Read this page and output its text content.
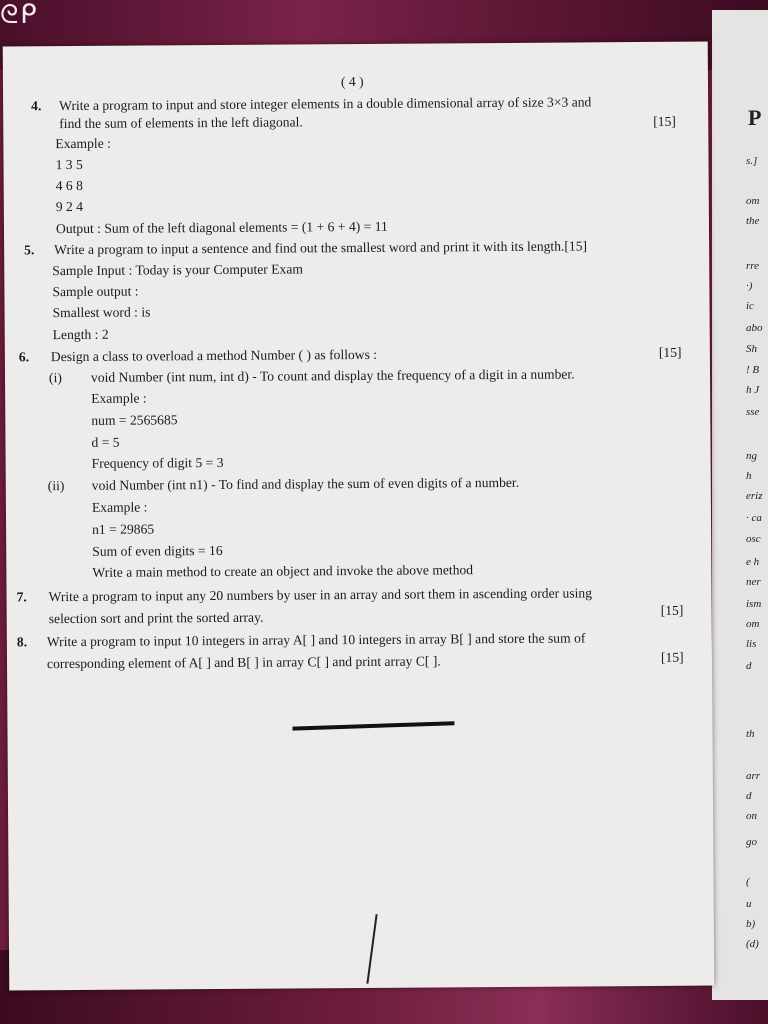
ᘓᑭ
P
s.]
om
the
rre
·)
ic
abo
Sh
! B
h J
sse
ng
h
eriz
· ca
osc
e h
ner
ism
om
lis
d
th
arr
d
on
go
(
u
b)
(d)
( 4 )
4. Write a program to input and store integer elements in a double dimensional array of size 3×3 and
find the sum of elements in the left diagonal.	[15]
Example :
1 3 5
4 6 8
9 2 4
Output : Sum of the left diagonal elements = (1 + 6 + 4) = 11
5. Write a program to input a sentence and find out the smallest word and print it with its length.[15]
Sample Input : Today is your Computer Exam
Sample output :
Smallest word : is
Length : 2
6. Design a class to overload a method Number ( ) as follows :	[15]
(i) void Number (int num, int d) - To count and display the frequency of a digit in a number.
Example :
num = 2565685
d = 5
Frequency of digit 5 = 3
(ii) void Number (int n1) - To find and display the sum of even digits of a number.
Example :
n1 = 29865
Sum of even digits = 16
Write a main method to create an object and invoke the above method
7. Write a program to input any 20 numbers by user in an array and sort them in ascending order using
[15]
selection sort and print the sorted array.
8. Write a program to input 10 integers in array A[ ] and 10 integers in array B[ ] and store the sum of
corresponding element of A[ ] and B[ ] in array C[ ] and print array C[ ].	[15]
